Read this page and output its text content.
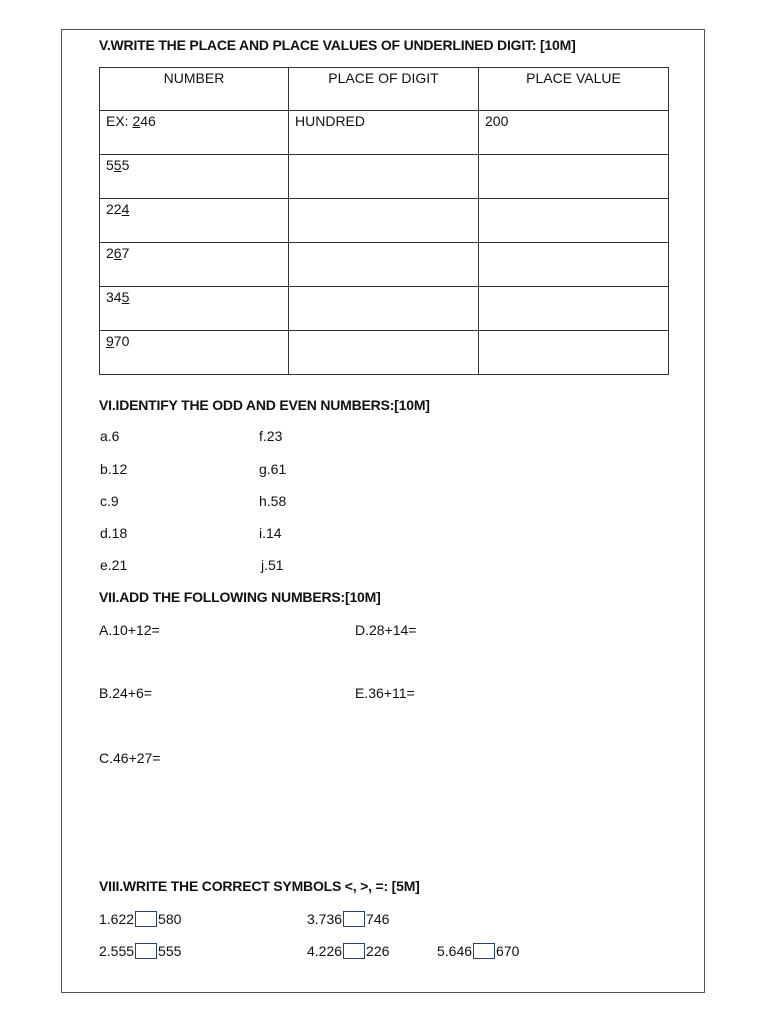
V.WRITE THE PLACE AND PLACE VALUES OF UNDERLINED DIGIT: [10M]
NUMBER	PLACE OF DIGIT	PLACE VALUE
EX: 246	HUNDRED	200
555		
224		
267		
345		
970		
VI.IDENTIFY THE ODD AND EVEN NUMBERS:[10M]
a.6
b.12
c.9
d.18
e.21
f.23
g.61
h.58
i.14
j.51
VII.ADD THE FOLLOWING NUMBERS:[10M]
A.10+12=	D.28+14=
B.24+6=	E.36+11=
C.46+27=
VIII.WRITE THE CORRECT SYMBOLS <, >, =: [5M]
1.622 580
2.555 555
3.736 746
4.226 226	5.646 670
